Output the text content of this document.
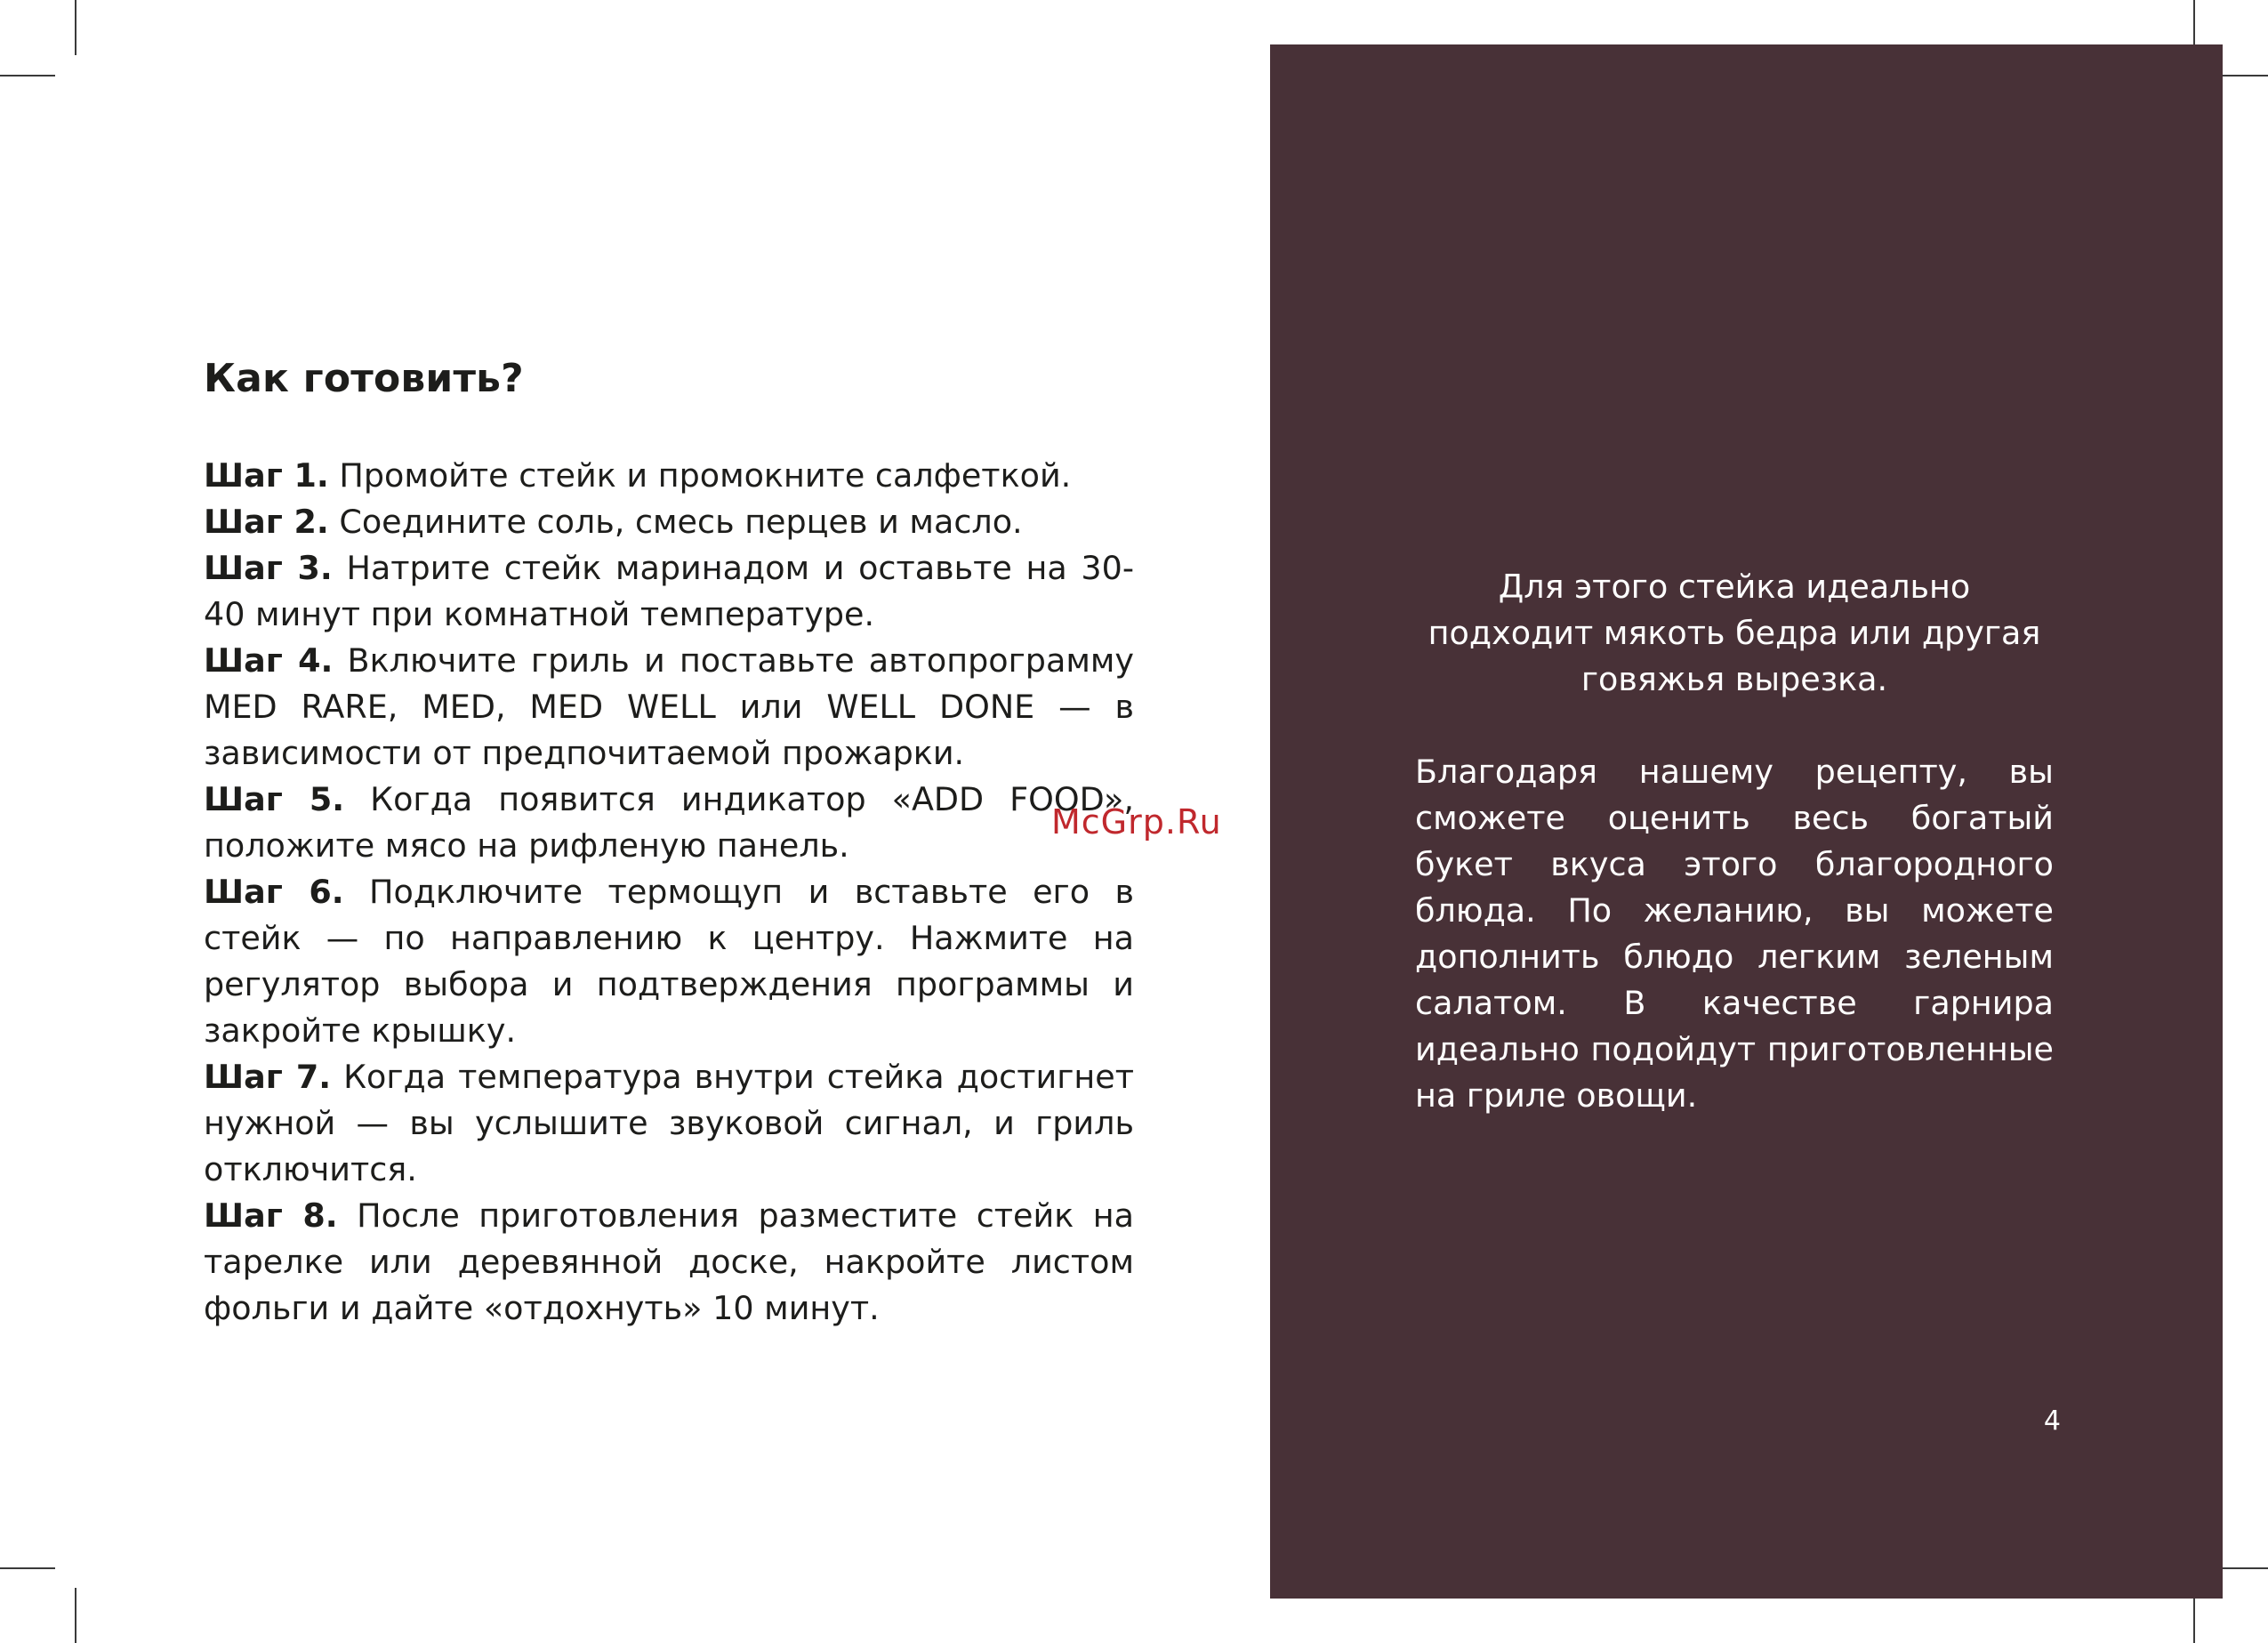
Как готовить?

Шаг 1. Промойте стейк и промокните салфеткой.

Шаг 2. Соедините соль, смесь перцев и масло.

Шаг 3. Натрите стейк маринадом и оставьте на 30-40 минут при комнатной температуре.

Шаг 4. Включите гриль и поставьте автопрограмму MED RARE, MED, MED WELL или WELL DONE — в зависимости от предпочитаемой прожарки.

Шаг 5. Когда появится индикатор «ADD FOOD», положите мясо на рифленую панель.

Шаг 6. Подключите термощуп и вставьте его в стейк — по направлению к центру. Нажмите на регулятор выбора и подтверждения программы и закройте крышку.

Шаг 7. Когда температура внутри стейка достигнет нужной — вы услышите звуковой сигнал, и гриль отключится.

Шаг 8. После приготовления разместите стейк на тарелке или деревянной доске, накройте листом фольги и дайте «отдохнуть» 10 минут.

McGrp.Ru

Для этого стейка идеально подходит мякоть бедра или другая говяжья вырезка.

Благодаря нашему рецепту, вы сможете оценить весь богатый букет вкуса этого благородного блюда. По желанию, вы можете дополнить блюдо легким зеленым салатом. В качестве гарнира идеально подойдут приготовленные на гриле овощи.

4
